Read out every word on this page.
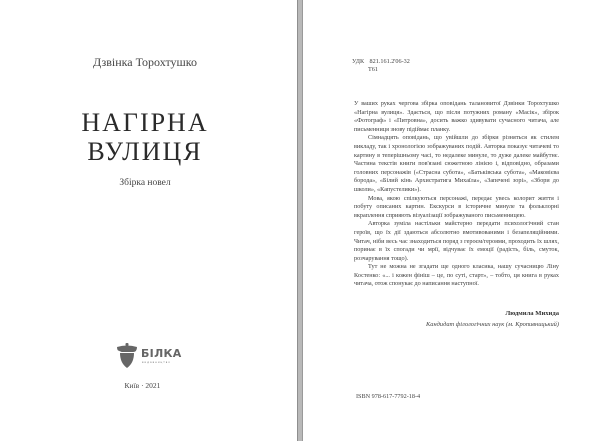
Дзвінка Торохтушко
НАГІРНА
ВУЛИЦЯ
Збірка новел
БІЛКА
видавництво
Київ · 2021
УДК 821.161.2'06-32
Т61

У ваших руках чергова збірка оповідань талановитої Дзвінки Торохтушко «Нагірна вулиця». Здається, що після потужних роману «Масік», збірок «Фотограф» і «Питровна», досить важко здивувати сучасного читача, але письменниця знову підіймає планку.

Сімнадцять оповідань, що увійшли до збірки різняться як стилем викладу, так і хронологією зображуваних подій. Авторка показує читачеві то картину в теперішньому часі, то недалеке минуле, то дуже далеке майбутнє. Частина текстів книги пов'язані сюжетною лінією і, відповідно, образами головних персонажів («Страсна субота», «Батьківська субота», «Маковієва борода», «Білий кінь Архистратига Михаїла», «Запечені зорі», «Збори до школи», «Капустелики»).

Мова, якою спілкуються персонажі, передає увесь колорит життя і побуту описаних картин. Екскурси в історичне минуле та фольклорні вкраплення сприяють візуалізації зображуваного письменницею.

Авторка зуміла настільки майстерно передати психологічний стан героїв, що їх дії здаються абсолютно вмотивованими і безапеляційними. Читач, ніби весь час знаходиться поряд з героєм/героями, проходить їх шлях, поринає в їх спогади чи мрії, відчуває їх емоції (радість, біль, смуток, розчарування тощо).

Тут не можна не згадати ще одного класика, нашу сучасницю Ліну Костенко: «... і кожен фініш – це, по суті, старт», – тобто, ця книга в руках читача, отож спонукає до написання наступної.

Людмила Михида
Кандидат філологічних наук (м. Кропивницький)
ISBN 978-617-7792-18-4
